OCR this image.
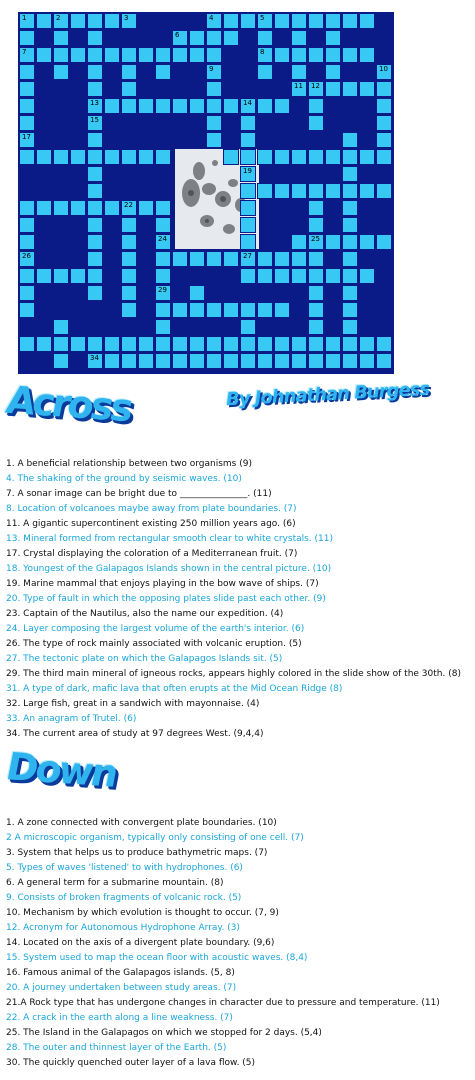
1	2	3	4	5
6
7	8
9	10
11 12
13	14
15
17
19
22
24	25
26	27
29
34
Across	By Johnathan Burgess
1. A beneficial relationship between two organisms (9)
4. The shaking of the ground by seismic waves. (10)
7. A sonar image can be bright due to _______________. (11)
8. Location of volcanoes maybe away from plate boundaries. (7)
11. A gigantic supercontinent existing 250 million years ago. (6)
13. Mineral formed from rectangular smooth clear to white crystals. (11)
17. Crystal displaying the coloration of a Mediterranean fruit. (7)
18. Youngest of the Galapagos Islands shown in the central picture. (10)
19. Marine mammal that enjoys playing in the bow wave of ships. (7)
20. Type of fault in which the opposing plates slide past each other. (9)
23. Captain of the Nautilus, also the name our expedition. (4)
24. Layer composing the largest volume of the earth's interior. (6)
26. The type of rock mainly associated with volcanic eruption. (5)
27. The tectonic plate on which the Galapagos Islands sit. (5)
29. The third main mineral of igneous rocks, appears highly colored in the slide show of the 30th. (8)
31. A type of dark, mafic lava that often erupts at the Mid Ocean Ridge (8)
32. Large fish, great in a sandwich with mayonnaise. (4)
33. An anagram of Trutel. (6)
34. The current area of study at 97 degrees West. (9,4,4)
Down
1. A zone connected with convergent plate boundaries. (10)
2 A microscopic organism, typically only consisting of one cell. (7)
3. System that helps us to produce bathymetric maps. (7)
5. Types of waves 'listened' to with hydrophones. (6)
6. A general term for a submarine mountain. (8)
9. Consists of broken fragments of volcanic rock. (5)
10. Mechanism by which evolution is thought to occur. (7, 9)
12. Acronym for Autonomous Hydrophone Array. (3)
14. Located on the axis of a divergent plate boundary. (9,6)
15. System used to map the ocean floor with acoustic waves. (8,4)
16. Famous animal of the Galapagos islands. (5, 8)
20. A journey undertaken between study areas. (7)
21.A Rock type that has undergone changes in character due to pressure and temperature. (11)
22. A crack in the earth along a line weakness. (7)
25. The Island in the Galapagos on which we stopped for 2 days. (5,4)
28. The outer and thinnest layer of the Earth. (5)
30. The quickly quenched outer layer of a lava flow. (5)
